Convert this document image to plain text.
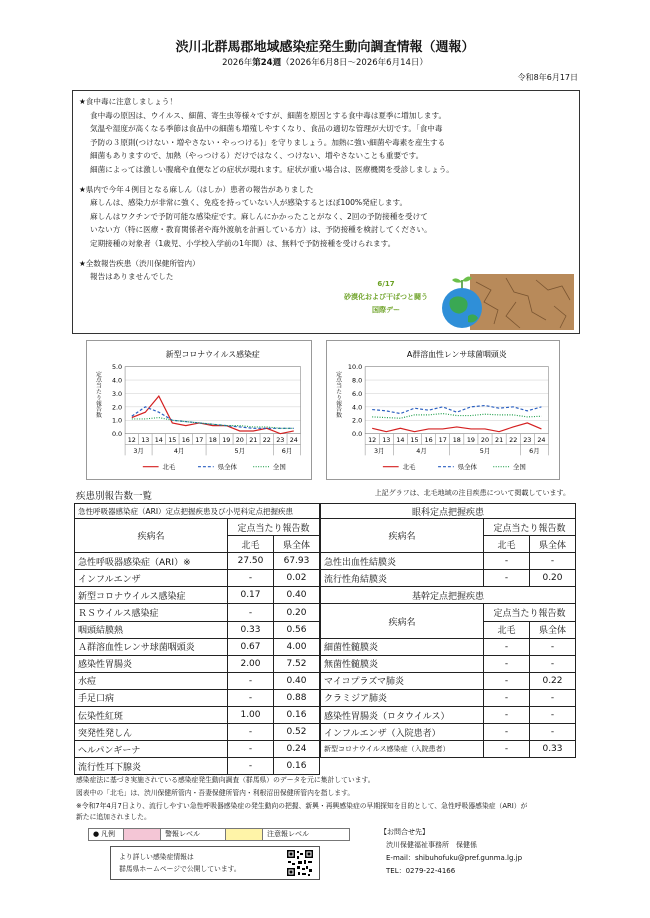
渋川北群馬郡地域感染症発生動向調査情報（週報）
2026年第24週（2026年6月8日～2026年6月14日）
令和8年6月17日
★食中毒に注意しましょう！
食中毒の原因は、ウイルス、細菌、寄生虫等様々ですが、細菌を原因とする食中毒は夏季に増加します。
気温や湿度が高くなる季節は食品中の細菌も増殖しやすくなり、食品の適切な管理が大切です。「食中毒
予防の３原則(つけない・増やさない・やっつける)」を守りましょう。加熱に強い細菌や毒素を産生する
細菌もありますので、加熱（やっつける）だけではなく、つけない、増やさないことも重要です。
細菌によっては激しい腹痛や血便などの症状が現れます。症状が重い場合は、医療機関を受診しましょう。
★県内で今年４例目となる麻しん（はしか）患者の報告がありました
麻しんは、感染力が非常に強く、免疫を持っていない人が感染するとほぼ100%発症します。
麻しんはワクチンで予防可能な感染症です。麻しんにかかったことがなく、2回の予防接種を受けて
いない方（特に医療・教育関係者や海外渡航を計画している方）は、予防接種を検討してください。
定期接種の対象者（1歳児、小学校入学前の1年間）は、無料で予防接種を受けられます。
★全数報告疾患（渋川保健所管内）
報告はありませんでした
6/17
砂漠化および干ばつと闘う
国際デー
新型コロナウイルス感染症
定点当たり報告数
0.0
1.0
2.0
3.0
4.0
5.0
12 13 14 15 16 17 18 19 20 21 22 23 24
3月	4月	5月	6月
北毛	県全体	全国
A群溶血性レンサ球菌咽頭炎
定点当たり報告数
0.0
2.0
4.0
6.0
8.0
10.0
12 13 14 15 16 17 18 19 20 21 22 23 24
3月	4月	5月	6月
北毛	県全体	全国
疾患別報告数一覧	上記グラフは、北毛地域の注目疾患について掲載しています。
急性呼吸器感染症（ARI）定点把握疾患及び小児科定点把握疾患		
疾病名	定点当たり報告数	
	北毛	県全体
急性呼吸器感染症（ARI）※	27.50	67.93
インフルエンザ	-	0.02
新型コロナウイルス感染症	0.17	0.40
ＲＳウイルス感染症	-	0.20
咽頭結膜熱	0.33	0.56
Ａ群溶血性レンサ球菌咽頭炎	0.67	4.00
感染性胃腸炎	2.00	7.52
水痘	-	0.40
手足口病	-	0.88
伝染性紅斑	1.00	0.16
突発性発しん	-	0.52
ヘルパンギーナ	-	0.24
流行性耳下腺炎	-	0.16
眼科定点把握疾患		
疾病名	定点当たり報告数	
	北毛	県全体
急性出血性結膜炎	-	-
流行性角結膜炎	-	0.20
基幹定点把握疾患		
疾病名	定点当たり報告数	
	北毛	県全体
細菌性髄膜炎	-	-
無菌性髄膜炎	-	-
マイコプラズマ肺炎	-	0.22
クラミジア肺炎	-	-
感染性胃腸炎（ロタウイルス）	-	-
インフルエンザ（入院患者）	-	-
新型コロナウイルス感染症（入院患者）	-	0.33
感染症法に基づき実施されている感染症発生動向調査（群馬県）のデータを元に集計しています。
図表中の「北毛」は、渋川保健所管内・吾妻保健所管内・利根沼田保健所管内を指します。
※令和7年4月7日より、流行しやすい急性呼吸器感染症の発生動向の把握、新興・再興感染症の早期探知を目的として、急性呼吸器感染症（ARI）が
新たに追加されました。
● 凡例	警報レベル	注意報レベル	【お問合せ先】
渋川保健福祉事務所　保健係
E-mail：shibuhofuku@pref.gunma.lg.jp
TEL：0279-22-4166
より詳しい感染症情報は
群馬県ホームページで公開しています。
